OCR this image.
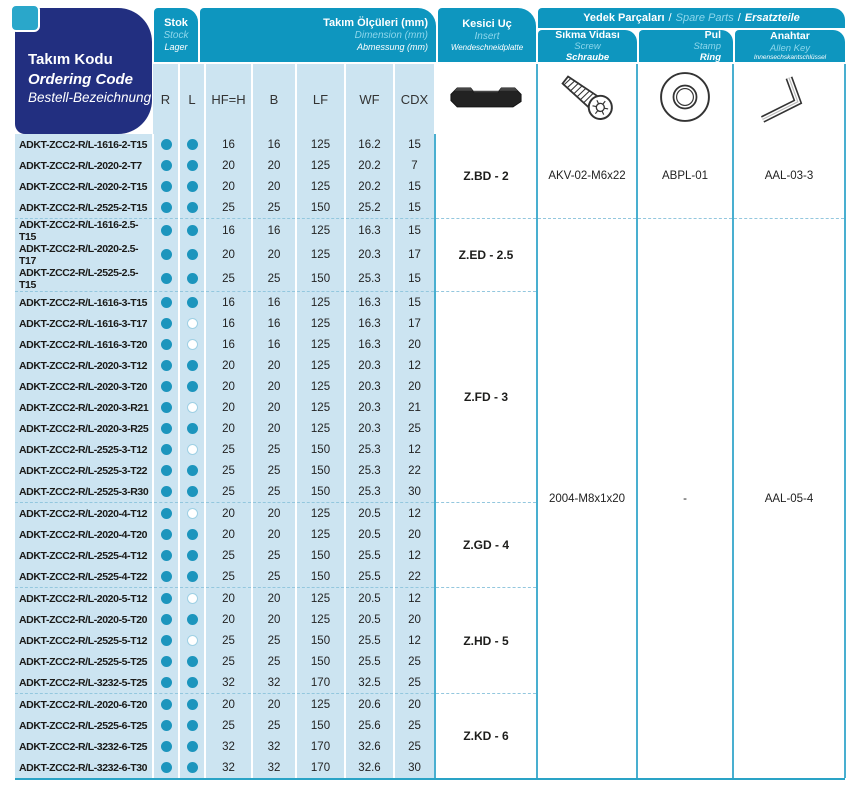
Takım Kodu
Ordering Code
Bestell-Bezeichnung
Stok
Stock
Lager
Takım Ölçüleri (mm)
Dimension (mm)
Abmessung (mm)
Kesici Uç
Insert
Wendeschneidplatte
Yedek Parçaları / Spare Parts / Ersatzteile
Sıkma Vidası
Screw
Schraube
Pul
Stamp
Ring
Anahtar
Allen Key
Innensechskantschlüssel
	R	L	HF=H	B	LF	WF	CDX				
ADKT-ZCC2-R/L-1616-2-T15			16	16	125	16.2	15	Z.BD - 2	AKV-02-M6x22	ABPL-01	AAL-03-3
ADKT-ZCC2-R/L-2020-2-T7			20	20	125	20.2	7				
ADKT-ZCC2-R/L-2020-2-T15			20	20	125	20.2	15				
ADKT-ZCC2-R/L-2525-2-T15			25	25	150	25.2	15				
ADKT-ZCC2-R/L-1616-2.5-T15			16	16	125	16.3	15	Z.ED - 2.5	2004-M8x1x20	-	AAL-05-4
ADKT-ZCC2-R/L-2020-2.5-T17			20	20	125	20.3	17				
ADKT-ZCC2-R/L-2525-2.5-T15			25	25	150	25.3	15				
ADKT-ZCC2-R/L-1616-3-T15			16	16	125	16.3	15	Z.FD - 3			
ADKT-ZCC2-R/L-1616-3-T17			16	16	125	16.3	17				
ADKT-ZCC2-R/L-1616-3-T20			16	16	125	16.3	20				
ADKT-ZCC2-R/L-2020-3-T12			20	20	125	20.3	12				
ADKT-ZCC2-R/L-2020-3-T20			20	20	125	20.3	20				
ADKT-ZCC2-R/L-2020-3-R21			20	20	125	20.3	21				
ADKT-ZCC2-R/L-2020-3-R25			20	20	125	20.3	25				
ADKT-ZCC2-R/L-2525-3-T12			25	25	150	25.3	12				
ADKT-ZCC2-R/L-2525-3-T22			25	25	150	25.3	22				
ADKT-ZCC2-R/L-2525-3-R30			25	25	150	25.3	30				
ADKT-ZCC2-R/L-2020-4-T12			20	20	125	20.5	12	Z.GD - 4			
ADKT-ZCC2-R/L-2020-4-T20			20	20	125	20.5	20				
ADKT-ZCC2-R/L-2525-4-T12			25	25	150	25.5	12				
ADKT-ZCC2-R/L-2525-4-T22			25	25	150	25.5	22				
ADKT-ZCC2-R/L-2020-5-T12			20	20	125	20.5	12	Z.HD - 5			
ADKT-ZCC2-R/L-2020-5-T20			20	20	125	20.5	20				
ADKT-ZCC2-R/L-2525-5-T12			25	25	150	25.5	12				
ADKT-ZCC2-R/L-2525-5-T25			25	25	150	25.5	25				
ADKT-ZCC2-R/L-3232-5-T25			32	32	170	32.5	25				
ADKT-ZCC2-R/L-2020-6-T20			20	20	125	20.6	20	Z.KD - 6			
ADKT-ZCC2-R/L-2525-6-T25			25	25	150	25.6	25				
ADKT-ZCC2-R/L-3232-6-T25			32	32	170	32.6	25				
ADKT-ZCC2-R/L-3232-6-T30			32	32	170	32.6	30				
